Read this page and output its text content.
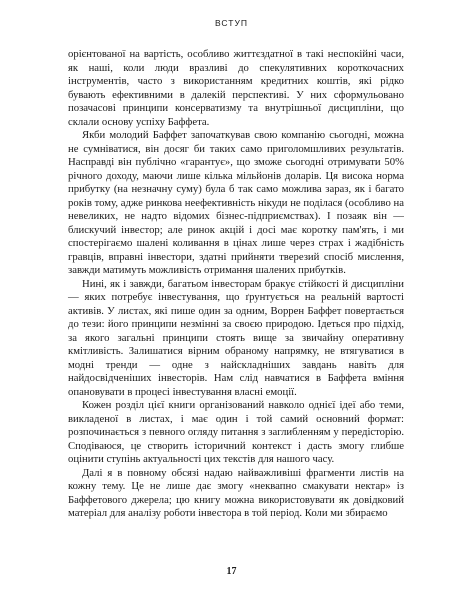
ВСТУП

орієнтованої на вартість, особливо життєздатної в такі неспокійні часи, як наші, коли люди вразливі до спекулятивних короткочасних інструментів, часто з використанням кредитних коштів, які рідко бувають ефективними в далекій перспективі. У них сформульовано позачасові принципи консерватизму та внутрішньої дисципліни, що склали основу успіху Баффета.

Якби молодий Баффет започаткував свою компанію сьогодні, можна не сумніватися, він досяг би таких само приголомшливих результатів. Насправді він публічно «гарантує», що зможе сьогодні отримувати 50% річного доходу, маючи лише кілька мільйонів доларів. Ця висока норма прибутку (на незначну суму) була б так само можлива зараз, як і багато років тому, адже ринкова неефективність нікуди не поділася (особливо на невеликих, не надто відомих бізнес-підприємствах). І позаяк він — блискучий інвестор; але ринок акцій і досі має коротку пам'ять, і ми спостерігаємо шалені коливання в цінах лише через страх і жадібність гравців, вправні інвестори, здатні прийняти тверезий спосіб мислення, завжди матимуть можливість отримання шалених прибутків.

Нині, як і завжди, багатьом інвесторам бракує стійкості й дисципліни — яких потребує інвестування, що ґрунтується на реальній вартості активів. У листах, які пише один за одним, Воррен Баффет повертається до тези: його принципи незмінні за своєю природою. Ідеться про підхід, за якого загальні принципи стоять вище за звичайну оперативну кмітливість. Залишатися вірним обраному напрямку, не втягуватися в модні тренди — одне з найскладніших завдань навіть для найдосвідченіших інвесторів. Нам слід навчатися в Баффета вміння опановувати в процесі інвестування власні емоції.

Кожен розділ цієї книги організований навколо однієї ідеї або теми, викладеної в листах, і має один і той самий основний формат: розпочинається з певного огляду питання з заглибленням у передісторію. Сподіваюся, це створить історичний контекст і дасть змогу глибше оцінити ступінь актуальності цих текстів для нашого часу.

Далі я в повному обсязі надаю найважливіші фрагменти листів на кожну тему. Це не лише дає змогу «неквапно смакувати нектар» із Баффетового джерела; цю книгу можна використовувати як довідковий матеріал для аналізу роботи інвестора в той період. Коли ми збираємо

17
